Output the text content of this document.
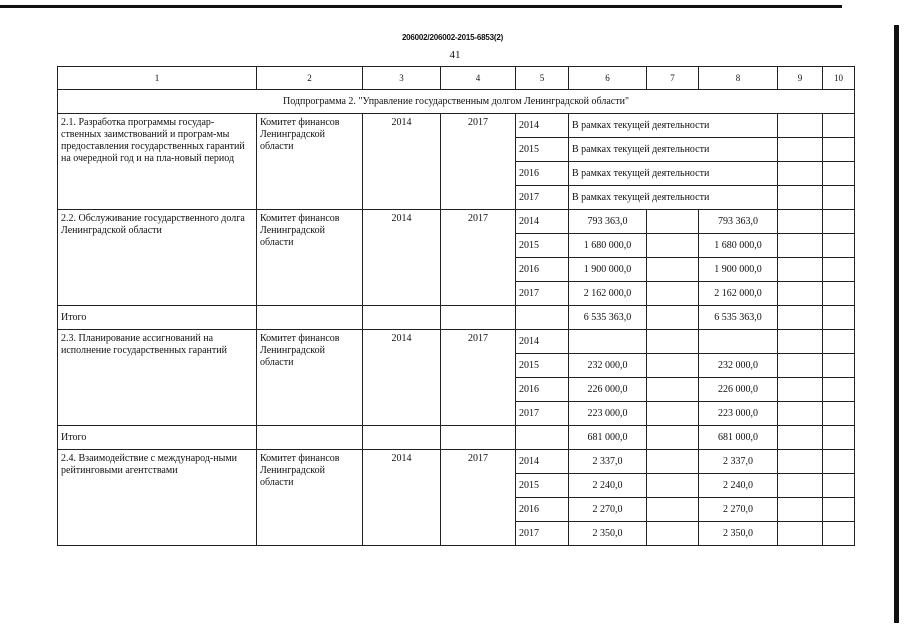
206002/206002-2015-6853(2)
41
1	2	3	4	5	6	7	8	9	10
Подпрограмма 2. "Управление государственным долгом Ленинградской области"									
2.1. Разработка программы государ-ственных заимствований и програм-мы предоставления государственных гарантий на очередной год и на пла-новый период	Комитет финансов Ленинградской области	2014	2017	2014	В рамках текущей деятельности				
				2015	В рамках текущей деятельности				
				2016	В рамках текущей деятельности				
				2017	В рамках текущей деятельности				
2.2. Обслуживание государственного долга Ленинградской области	Комитет финансов Ленинградской области	2014	2017	2014	793 363,0		793 363,0		
				2015	1 680 000,0		1 680 000,0		
				2016	1 900 000,0		1 900 000,0		
				2017	2 162 000,0		2 162 000,0		
Итого					6 535 363,0		6 535 363,0		
2.3. Планирование ассигнований на исполнение государственных гарантий	Комитет финансов Ленинградской области	2014	2017	2014					
				2015	232 000,0		232 000,0		
				2016	226 000,0		226 000,0		
				2017	223 000,0		223 000,0		
Итого					681 000,0		681 000,0		
2.4. Взаимодействие с международ-ными рейтинговыми агентствами	Комитет финансов Ленинградской области	2014	2017	2014	2 337,0		2 337,0		
				2015	2 240,0		2 240,0		
				2016	2 270,0		2 270,0		
				2017	2 350,0		2 350,0		
